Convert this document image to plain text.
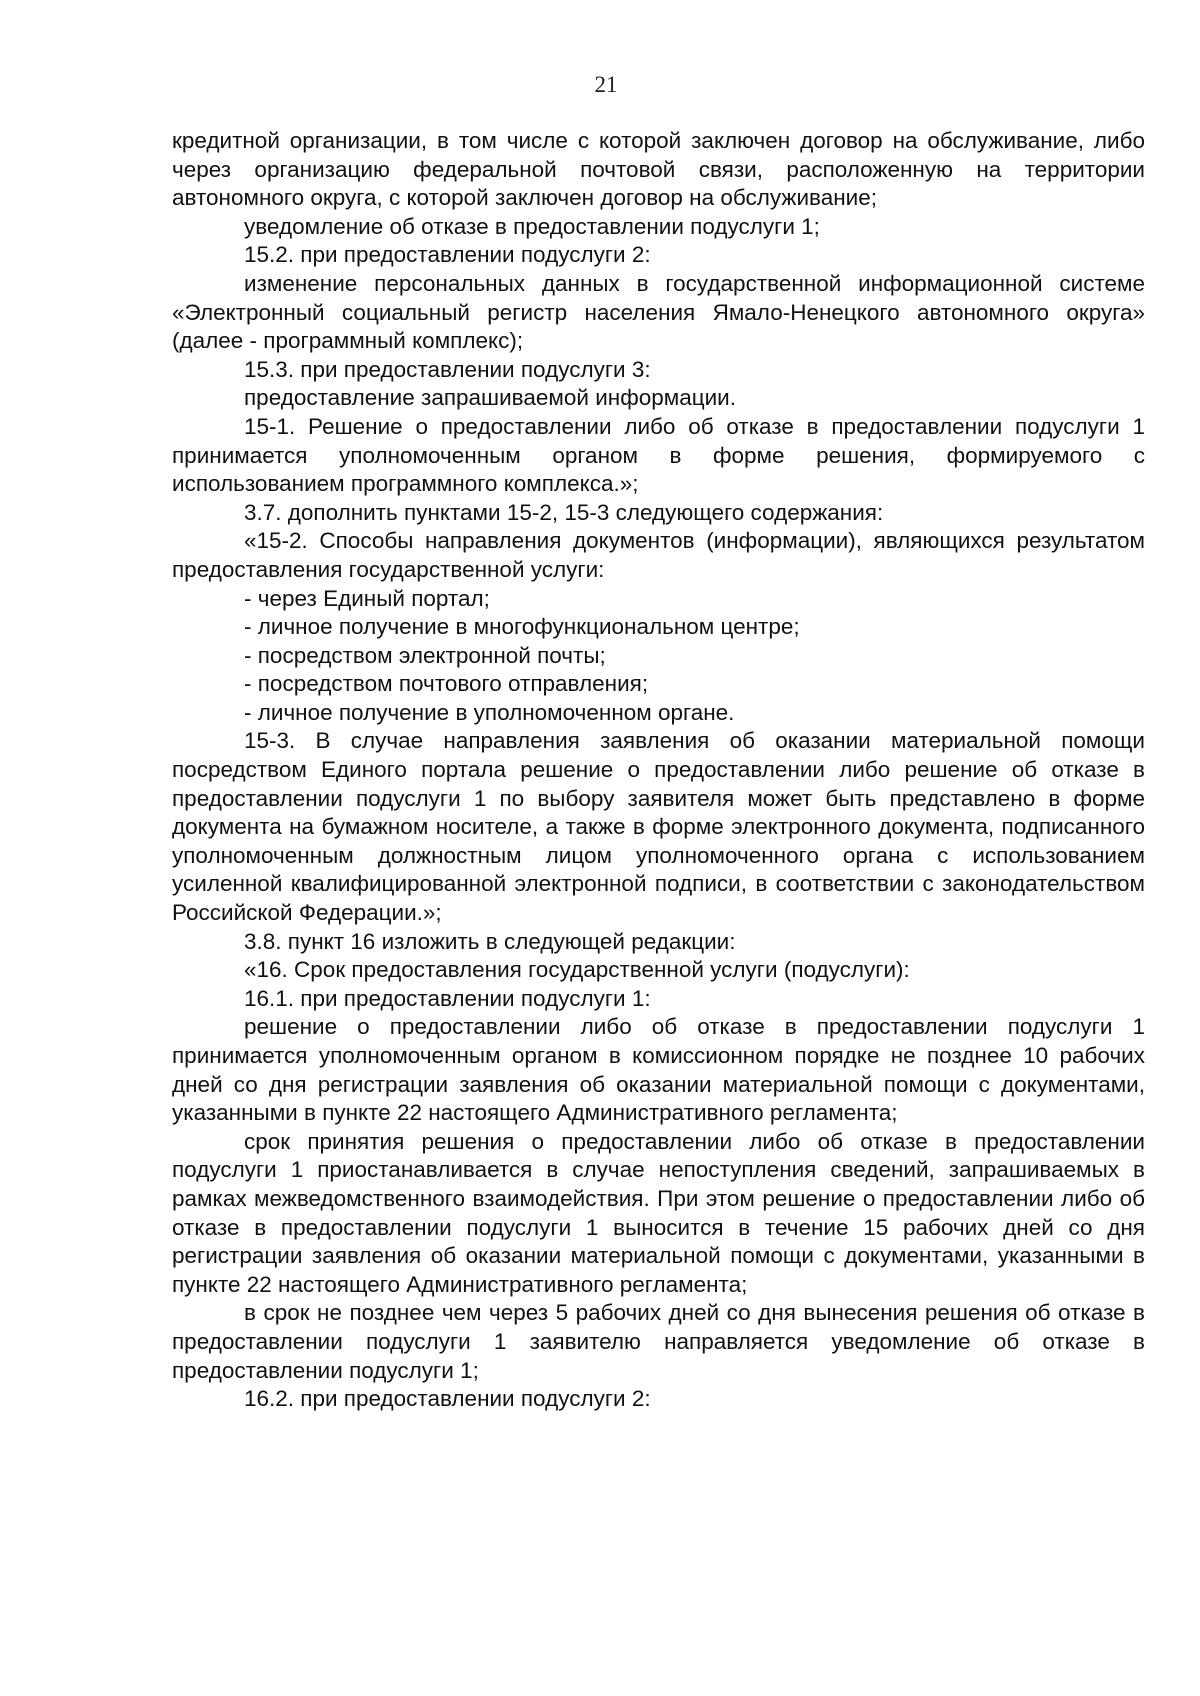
21

кредитной организации, в том числе с которой заключен договор на обслуживание, либо через организацию федеральной почтовой связи, расположенную на территории автономного округа, с которой заключен договор на обслуживание;

уведомление об отказе в предоставлении подуслуги 1;

15.2. при предоставлении подуслуги 2:

изменение персональных данных в государственной информационной системе «Электронный социальный регистр населения Ямало-Ненецкого автономного округа» (далее - программный комплекс);

15.3. при предоставлении подуслуги 3:

предоставление запрашиваемой информации.

15-1. Решение о предоставлении либо об отказе в предоставлении подуслуги 1 принимается уполномоченным органом в форме решения, формируемого с использованием программного комплекса.»;

3.7. дополнить пунктами 15-2, 15-3 следующего содержания:

«15-2. Способы направления документов (информации), являющихся результатом предоставления государственной услуги:

- через Единый портал;

- личное получение в многофункциональном центре;

- посредством электронной почты;

- посредством почтового отправления;

- личное получение в уполномоченном органе.

15-3. В случае направления заявления об оказании материальной помощи посредством Единого портала решение о предоставлении либо решение об отказе в предоставлении подуслуги 1 по выбору заявителя может быть представлено в форме документа на бумажном носителе, а также в форме электронного документа, подписанного уполномоченным должностным лицом уполномоченного органа с использованием усиленной квалифицированной электронной подписи, в соответствии с законодательством Российской Федерации.»;

3.8. пункт 16 изложить в следующей редакции:

«16. Срок предоставления государственной услуги (подуслуги):

16.1. при предоставлении подуслуги 1:

решение о предоставлении либо об отказе в предоставлении подуслуги 1 принимается уполномоченным органом в комиссионном порядке не позднее 10 рабочих дней со дня регистрации заявления об оказании материальной помощи с документами, указанными в пункте 22 настоящего Административного регламента;

срок принятия решения о предоставлении либо об отказе в предоставлении подуслуги 1 приостанавливается в случае непоступления сведений, запрашиваемых в рамках межведомственного взаимодействия. При этом решение о предоставлении либо об отказе в предоставлении подуслуги 1 выносится в течение 15 рабочих дней со дня регистрации заявления об оказании материальной помощи с документами, указанными в пункте 22 настоящего Административного регламента;

в срок не позднее чем через 5 рабочих дней со дня вынесения решения об отказе в предоставлении подуслуги 1 заявителю направляется уведомление об отказе в предоставлении подуслуги 1;

16.2. при предоставлении подуслуги 2:
